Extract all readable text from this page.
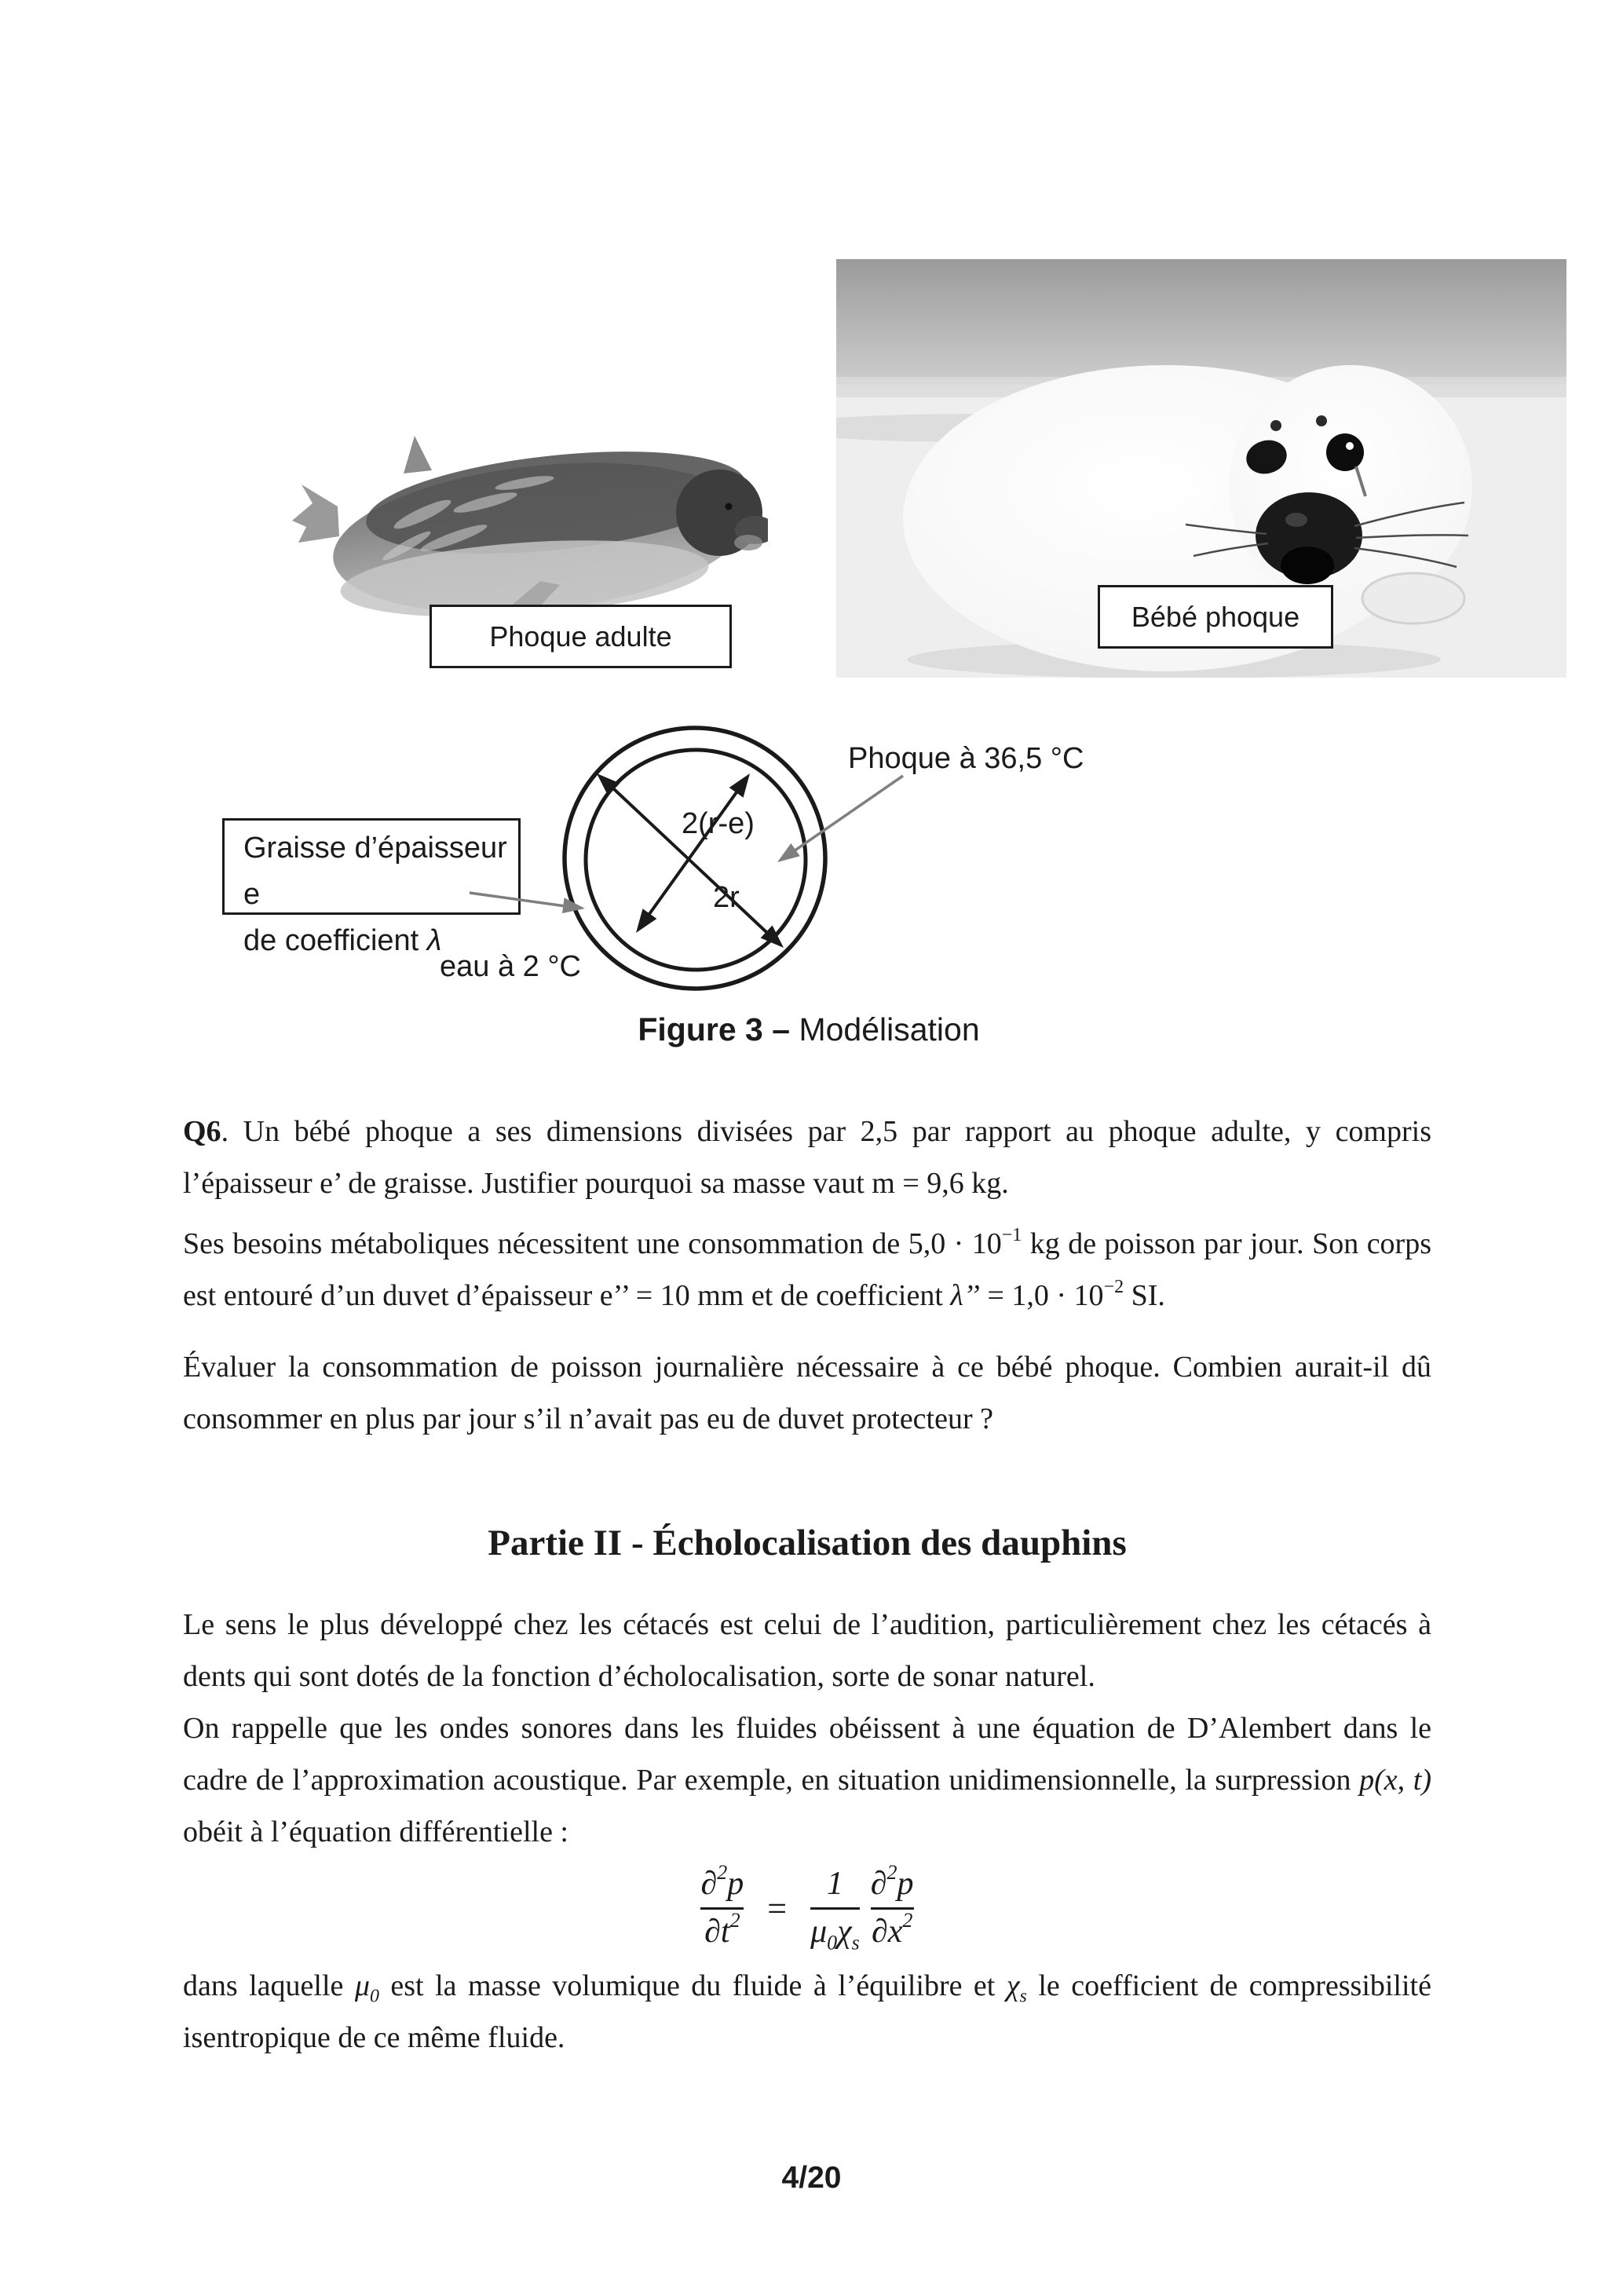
Phoque adulte
Bébé phoque
Graisse d’épaisseur e
de coefficient λ
Phoque à 36,5 °C
2(r-e)
2r
eau à 2 °C
Figure 3 – Modélisation
Q6. Un bébé phoque a ses dimensions divisées par 2,5 par rapport au phoque adulte, y compris l’épaisseur e’ de graisse. Justifier pourquoi sa masse vaut m = 9,6 kg.
Ses besoins métaboliques nécessitent une consommation de $5,0 \cdot 10^{-1}$ kg de poisson par jour. Son corps est entouré d’un duvet d’épaisseur e’’ = 10 mm et de coefficient λ’’ = $1,0 \cdot 10^{-2}$ SI.
Évaluer la consommation de poisson journalière nécessaire à ce bébé phoque. Combien aurait-il dû consommer en plus par jour s’il n’avait pas eu de duvet protecteur ?
Partie II - Écholocalisation des dauphins
Le sens le plus développé chez les cétacés est celui de l’audition, particulièrement chez les cétacés à dents qui sont dotés de la fonction d’écholocalisation, sorte de sonar naturel.
On rappelle que les ondes sonores dans les fluides obéissent à une équation de D’Alembert dans le cadre de l’approximation acoustique. Par exemple, en situation unidimensionnelle, la surpression p(x, t) obéit à l’équation différentielle :
$\frac{\partial^2p}{\partial t^2} = \frac{1}{\mu_0\chi_s} \frac{\partial^2p}{\partial x^2}$
dans laquelle $\mu_0$ est la masse volumique du fluide à l’équilibre et $\chi_s$ le coefficient de compressibilité isentropique de ce même fluide.
4/20
